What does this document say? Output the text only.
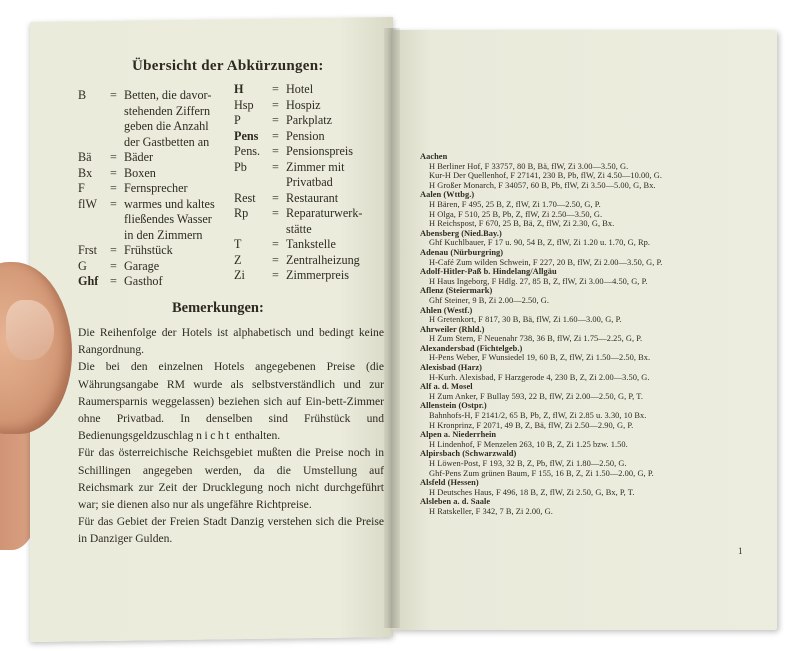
Übersicht der Abkürzungen:
B	= Betten, die davor-
stehenden Ziffern
geben die Anzahl
der Gastbetten an
Bä	= Bäder
Bx	= Boxen
F	= Fernsprecher
flW	= warmes und kaltes
fließendes Wasser
in den Zimmern
Frst	= Frühstück
G	= Garage
Ghf = Gasthof
H	= Hotel
Hsp	= Hospiz
P	= Parkplatz
Pens	= Pension
Pens. = Pensionspreis
Pb	= Zimmer mit
Privatbad
Rest	= Restaurant
Rp	= Reparaturwerk-
stätte
T	= Tankstelle
Z	= Zentralheizung
Zi	= Zimmerpreis
Bemerkungen:

Die Reihenfolge der Hotels ist alphabetisch und bedingt keine Rangordnung.

Die bei den einzelnen Hotels angegebenen Preise (die Währungsangabe RM wurde als selbstverständlich und zur Raumersparnis weggelassen) beziehen sich auf Ein-bett-Zimmer ohne Privatbad. In denselben sind Frühstück und Bedienungsgeldzuschlag nicht enthalten.

Für das österreichische Reichsgebiet mußten die Preise noch in Schillingen angegeben werden, da die Umstellung auf Reichsmark zur Zeit der Drucklegung noch nicht durchgeführt war; sie dienen also nur als ungefähre Richtpreise.

Für das Gebiet der Freien Stadt Danzig verstehen sich die Preise in Danziger Gulden.

Aachen
H Berliner Hof, F 33757, 80 B, Bä, flW, Zi 3.00—3.50, G.
Kur-H Der Quellenhof, F 27141, 230 B, Pb, flW, Zi 4.50—10.00, G.
H Großer Monarch, F 34057, 60 B, Pb, flW, Zi 3.50—5.00, G, Bx.
Aalen (Wttbg.)
H Bären, F 495, 25 B, Z, flW, Zi 1.70—2.50, G, P.
H Olga, F 510, 25 B, Pb, Z, flW, Zi 2.50—3.50, G.
H Reichspost, F 670, 25 B, Bä, Z, flW, Zi 2.30, G, Bx.
Abensberg (Nied.Bay.)
Ghf Kuchlbauer, F 17 u. 90, 54 B, Z, flW, Zi 1.20 u. 1.70, G, Rp.
Adenau (Nürburgring)
H-Café Zum wilden Schwein, F 227, 20 B, flW, Zi 2.00—3.50, G, P.
Adolf-Hitler-Paß b. Hindelang/Allgäu
H Haus Ingeborg, F Hdlg. 27, 85 B, Z, flW, Zi 3.00—4.50, G, P.
Aflenz (Steiermark)
Ghf Steiner, 9 B, Zi 2.00—2.50, G.
Ahlen (Westf.)
H Gretenkort, F 817, 30 B, Bä, flW, Zi 1.60—3.00, G, P.
Ahrweiler (Rhld.)
H Zum Stern, F Neuenahr 738, 36 B, flW, Zi 1.75—2.25, G, P.
Alexandersbad (Fichtelgeb.)
H-Pens Weber, F Wunsiedel 19, 60 B, Z, flW, Zi 1.50—2.50, Bx.
Alexisbad (Harz)
H-Kurh. Alexisbad, F Harzgerode 4, 230 B, Z, Zi 2.00—3.50, G.
Alf a. d. Mosel
H Zum Anker, F Bullay 593, 22 B, flW, Zi 2.00—2.50, G, P, T.
Allenstein (Ostpr.)
Bahnhofs-H, F 2141/2, 65 B, Pb, Z, flW, Zi 2.85 u. 3.30, 10 Bx.
H Kronprinz, F 2071, 49 B, Z, Bä, flW, Zi 2.50—2.90, G, P.
Alpen a. Niederrhein
H Lindenhof, F Menzelen 263, 10 B, Z, Zi 1.25 bzw. 1.50.
Alpirsbach (Schwarzwald)
H Löwen-Post, F 193, 32 B, Z, Pb, flW, Zi 1.80—2.50, G.
Ghf-Pens Zum grünen Baum, F 155, 16 B, Z, Zi 1.50—2.00, G, P.
Alsfeld (Hessen)
H Deutsches Haus, F 496, 18 B, Z, flW, Zi 2.50, G, Bx, P, T.
Alsleben a. d. Saale
H Ratskeller, F 342, 7 B, Zi 2.00, G.
1
